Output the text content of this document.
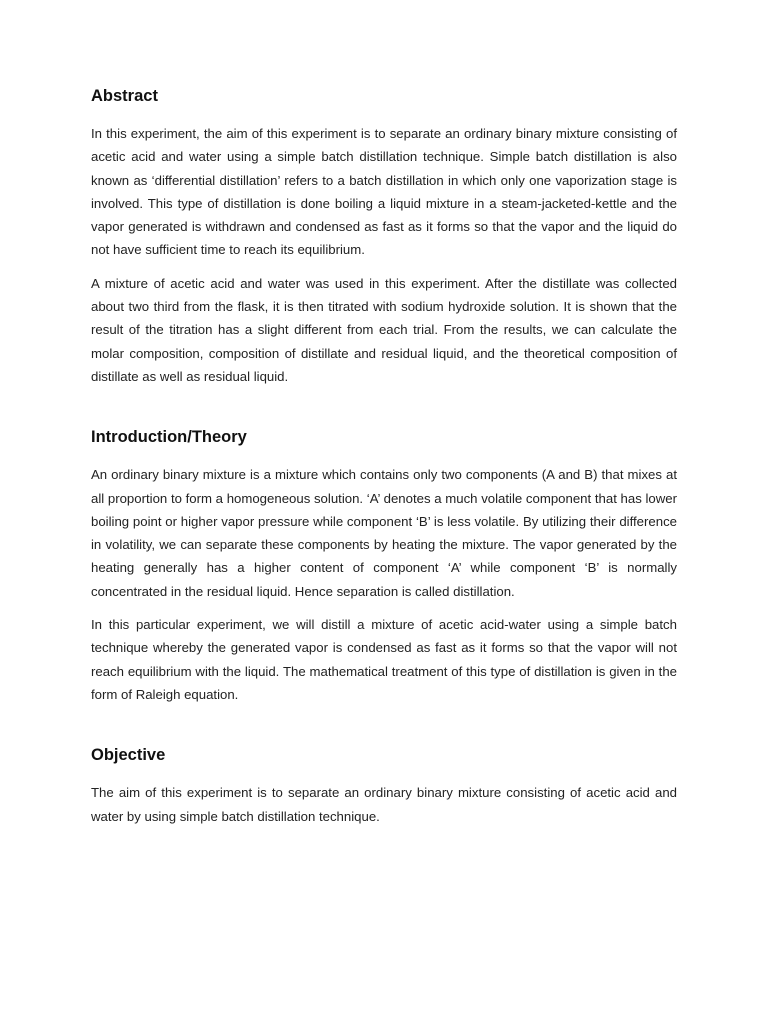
Abstract

In this experiment, the aim of this experiment is to separate an ordinary binary mixture consisting of acetic acid and water using a simple batch distillation technique. Simple batch distillation is also known as ‘differential distillation’ refers to a batch distillation in which only one vaporization stage is involved. This type of distillation is done boiling a liquid mixture in a steam-jacketed-kettle and the vapor generated is withdrawn and condensed as fast as it forms so that the vapor and the liquid do not have sufficient time to reach its equilibrium.

A mixture of acetic acid and water was used in this experiment. After the distillate was collected about two third from the flask, it is then titrated with sodium hydroxide solution. It is shown that the result of the titration has a slight different from each trial. From the results, we can calculate the molar composition, composition of distillate and residual liquid, and the theoretical composition of distillate as well as residual liquid.

Introduction/Theory

An ordinary binary mixture is a mixture which contains only two components (A and B) that mixes at all proportion to form a homogeneous solution. ‘A’ denotes a much volatile component that has lower boiling point or higher vapor pressure while component ‘B’ is less volatile. By utilizing their difference in volatility, we can separate these components by heating the mixture. The vapor generated by the heating generally has a higher content of component ‘A’ while component ‘B’ is normally concentrated in the residual liquid. Hence separation is called distillation.

In this particular experiment, we will distill a mixture of acetic acid-water using a simple batch technique whereby the generated vapor is condensed as fast as it forms so that the vapor will not reach equilibrium with the liquid. The mathematical treatment of this type of distillation is given in the form of Raleigh equation.

Objective

The aim of this experiment is to separate an ordinary binary mixture consisting of acetic acid and water by using simple batch distillation technique.
